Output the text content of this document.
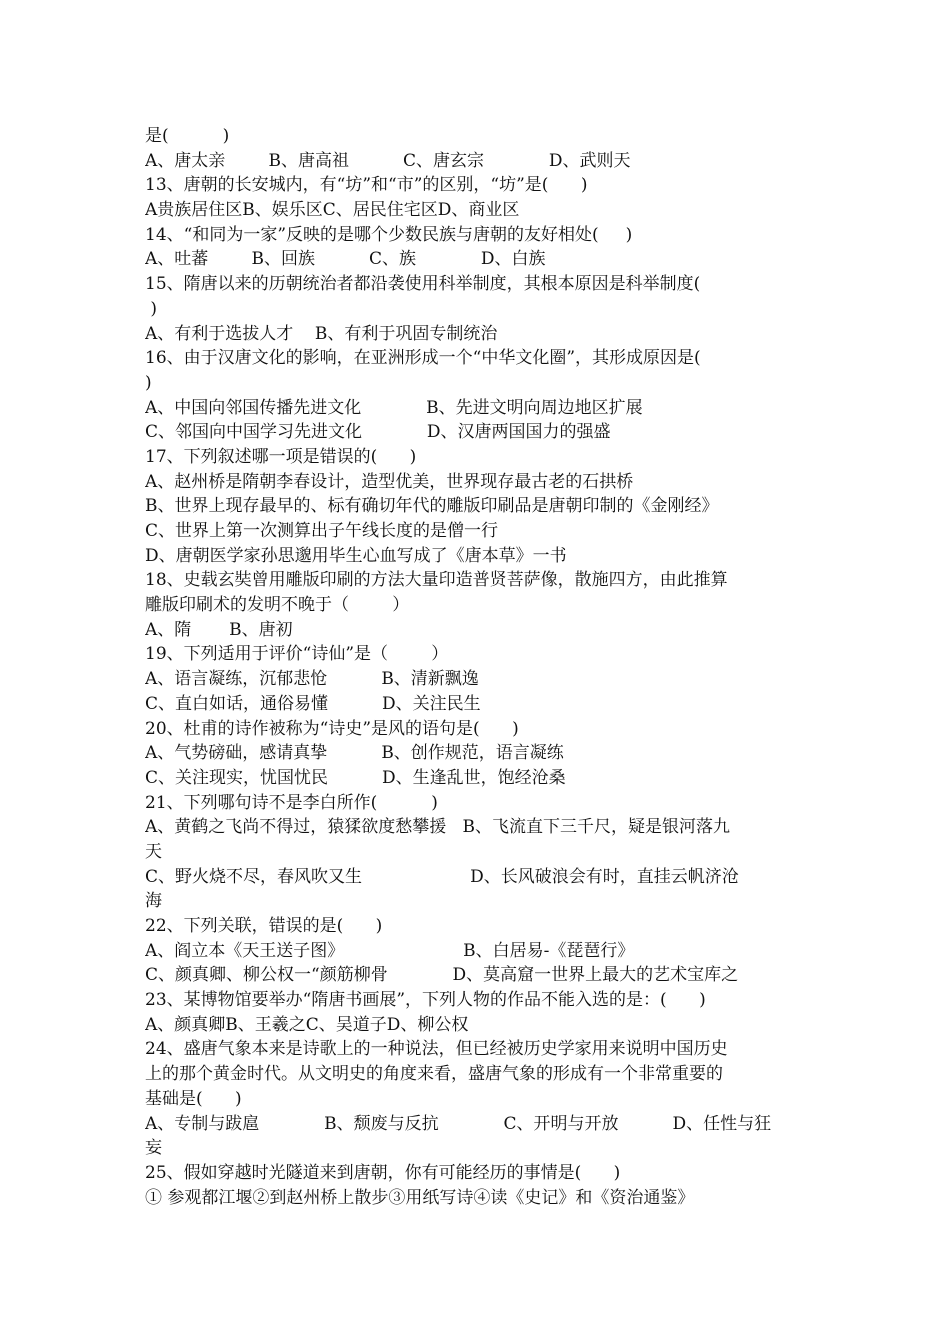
是(          )
A、唐太亲        B、唐高祖          C、唐玄宗            D、武则天
13、唐朝的长安城内，有“坊”和“市”的区别，“坊”是(      )
A贵族居住区B、娱乐区C、居民住宅区D、商业区
14、“和同为一家”反映的是哪个少数民族与唐朝的友好相处(     )
A、吐蕃        B、回族          C、族            D、白族
15、隋唐以来的历朝统治者都沿袭使用科举制度，其根本原因是科举制度(
)
A、有利于选拔人才    B、有利于巩固专制统治
16、由于汉唐文化的影响，在亚洲形成一个“中华文化圈”，其形成原因是(
)
A、中国向邻国传播先进文化            B、先进文明向周边地区扩展
C、邻国向中国学习先进文化            D、汉唐两国国力的强盛
17、下列叙述哪一项是错误的(      )
A、赵州桥是隋朝李春设计，造型优美，世界现存最古老的石拱桥
B、世界上现存最早的、标有确切年代的雕版印刷品是唐朝印制的《金刚经》
C、世界上第一次测算出子午线长度的是僧一行
D、唐朝医学家孙思邈用毕生心血写成了《唐本草》一书
18、史载玄奘曾用雕版印刷的方法大量印造普贤菩萨像，散施四方，由此推算
雕版印刷术的发明不晚于（        ）
A、隋       B、唐初
19、下列适用于评价“诗仙”是（        ）
A、语言凝练，沉郁悲怆          B、清新飘逸
C、直白如话，通俗易懂          D、关注民生
20、杜甫的诗作被称为“诗史”是风的语句是(      )
A、气势磅础，感请真挚          B、创作规范，语言凝练
C、关注现实，忧国忧民          D、生逢乱世，饱经沧桑
21、下列哪句诗不是李白所作(          )
A、黄鹤之飞尚不得过，猿猱欲度愁攀援   B、飞流直下三千尺，疑是银河落九
天
C、野火烧不尽，春风吹又生                    D、长风破浪会有时，直挂云帆济沧
海
22、下列关联，错误的是(      )
A、阎立本《天王送子图》                      B、白居易-《琵琶行》
C、颜真卿、柳公权一“颜筋柳骨            D、莫高窟一世界上最大的艺术宝库之
23、某博物馆要举办“隋唐书画展”，下列人物的作品不能入选的是：(      )
A、颜真卿B、王羲之C、吴道子D、柳公权
24、盛唐气象本来是诗歌上的一种说法，但已经被历史学家用来说明中国历史
上的那个黄金时代。从文明史的角度来看，盛唐气象的形成有一个非常重要的
基础是(      )
A、专制与跋扈            B、颓废与反抗            C、开明与开放          D、任性与狂
妄
25、假如穿越时光隧道来到唐朝，你有可能经历的事情是(      )
① 参观都江堰②到赵州桥上散步③用纸写诗④读《史记》和《资治通鉴》
